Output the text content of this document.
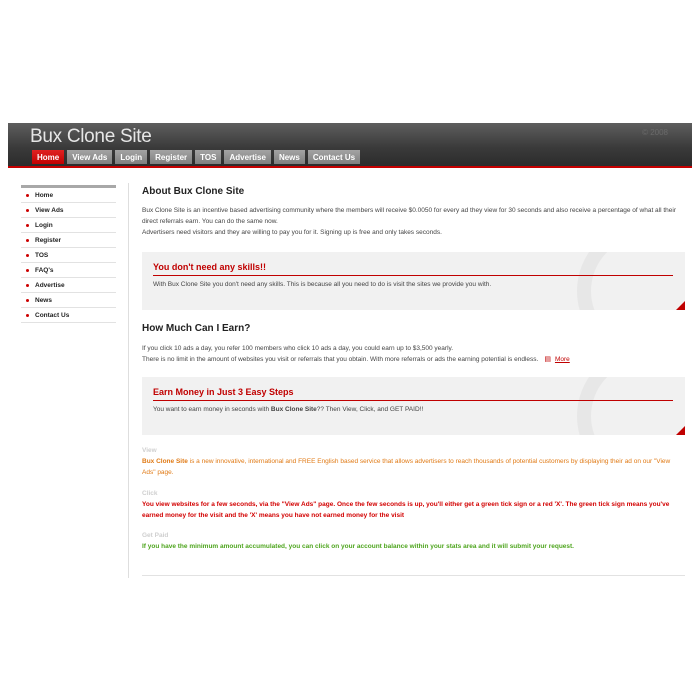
Bux Clone Site	© 2008
Home	View Ads	Login	Register	TOS	Advertise	News	Contact Us
Home
View Ads
Login
Register
TOS
FAQ's
Advertise
News
Contact Us
About Bux Clone Site
Bux Clone Site is an incentive based advertising community where the members will receive $0.0050 for every ad they view for 30 seconds and also receive a percentage of what all their direct referrals earn. You can do the same now.
Advertisers need visitors and they are willing to pay you for it. Signing up is free and only takes seconds.
You don't need any skills!!
With Bux Clone Site you don't need any skills. This is because all you need to do is visit the sites we provide you with.
How Much Can I Earn?
If you click 10 ads a day, you refer 100 members who click 10 ads a day, you could earn up to $3,500 yearly.
There is no limit in the amount of websites you visit or referrals that you obtain. With more referrals or ads the earning potential is endless. ▤ More
Earn Money in Just 3 Easy Steps
You want to earn money in seconds with Bux Clone Site?? Then View, Click, and GET PAID!!
View
Bux Clone Site is a new innovative, international and FREE English based service that allows advertisers to reach thousands of potential customers by displaying their ad on our "View Ads" page.
Click
You view websites for a few seconds, via the "View Ads" page. Once the few seconds is up, you'll either get a green tick sign or a red 'X'. The green tick sign means you've earned money for the visit and the 'X' means you have not earned money for the visit
Get Paid
If you have the minimum amount accumulated, you can click on your account balance within your stats area and it will submit your request.
